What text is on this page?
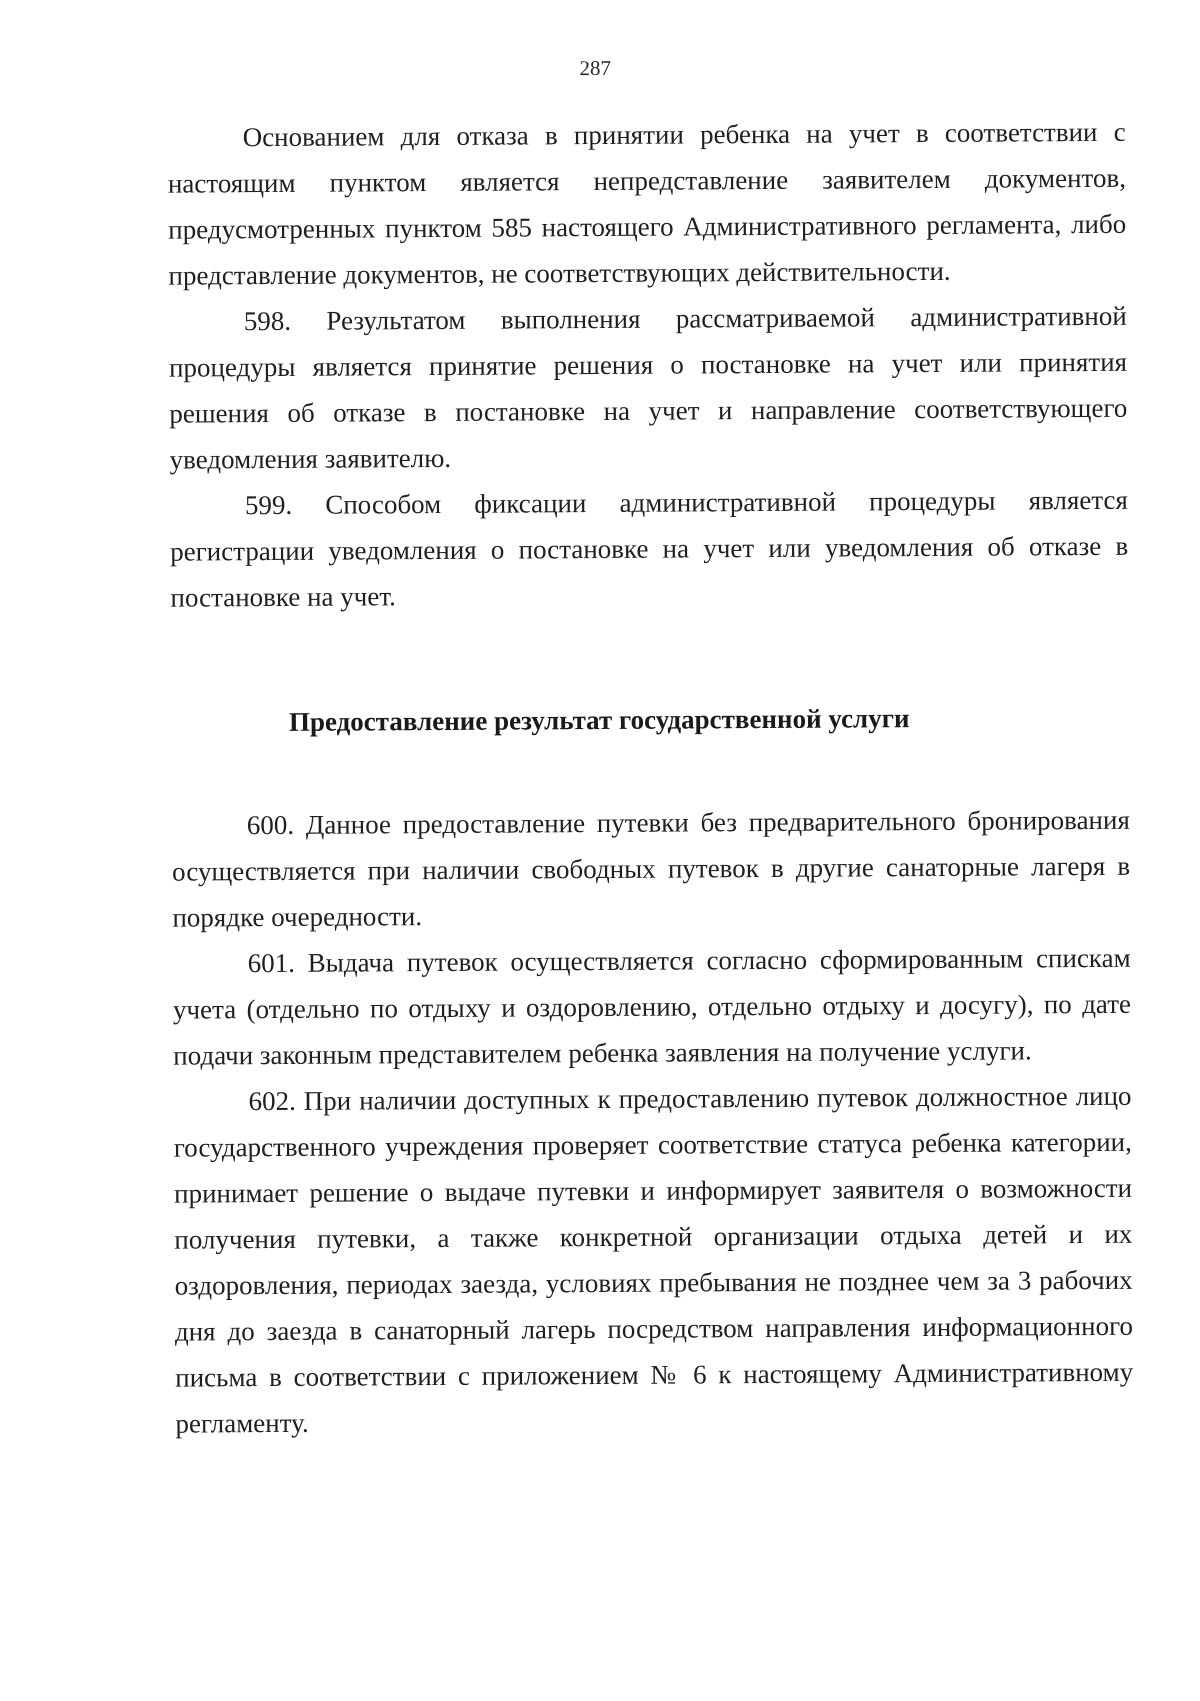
287

Основанием для отказа в принятии ребенка на учет в соответствии с настоящим пунктом является непредставление заявителем документов, предусмотренных пунктом 585 настоящего Административного регламента, либо представление документов, не соответствующих действительности.

598. Результатом выполнения рассматриваемой административной процедуры является принятие решения о постановке на учет или принятия решения об отказе в постановке на учет и направление соответствующего уведомления заявителю.

599. Способом фиксации административной процедуры является регистрации уведомления о постановке на учет или уведомления об отказе в постановке на учет.

Предоставление результат государственной услуги

600. Данное предоставление путевки без предварительного бронирования осуществляется при наличии свободных путевок в другие санаторные лагеря в порядке очередности.

601. Выдача путевок осуществляется согласно сформированным спискам учета (отдельно по отдыху и оздоровлению, отдельно отдыху и досугу), по дате подачи законным представителем ребенка заявления на получение услуги.

602. При наличии доступных к предоставлению путевок должностное лицо государственного учреждения проверяет соответствие статуса ребенка категории, принимает решение о выдаче путевки и информирует заявителя о возможности получения путевки, а также конкретной организации отдыха детей и их оздоровления, периодах заезда, условиях пребывания не позднее чем за 3 рабочих дня до заезда в санаторный лагерь посредством направления информационного письма в соответствии с приложением № 6 к настоящему Административному регламенту.
